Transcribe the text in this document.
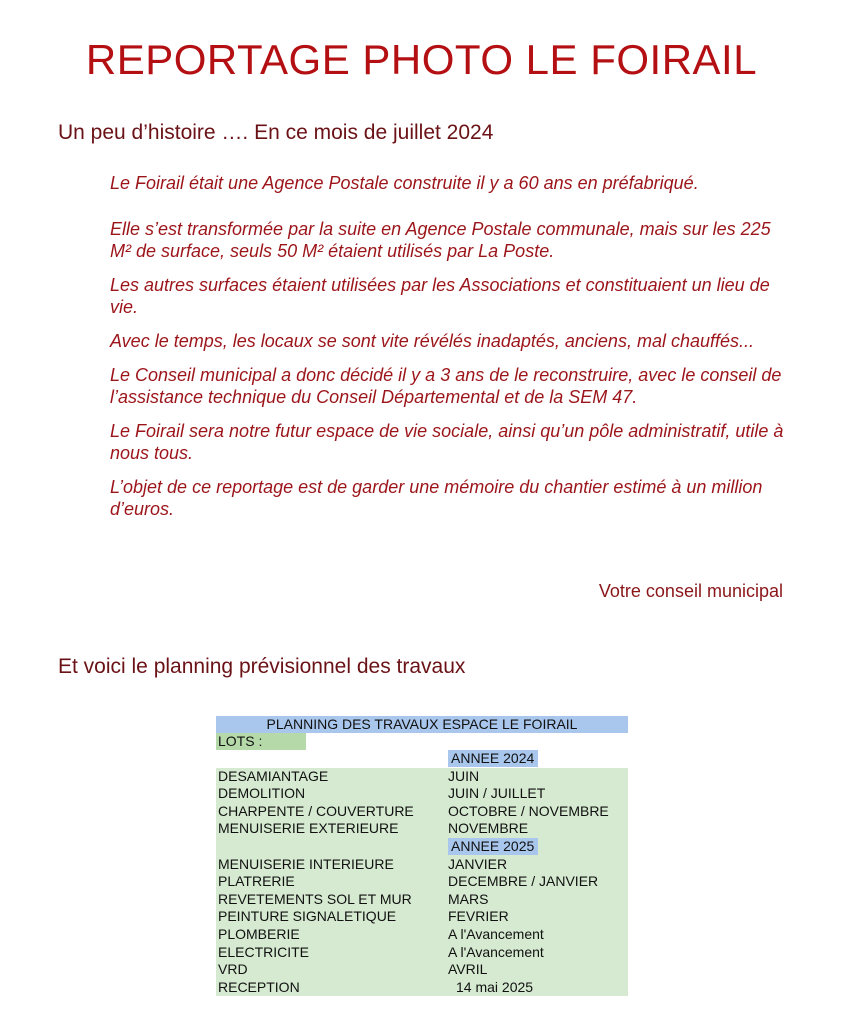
REPORTAGE PHOTO LE FOIRAIL
Un peu d’histoire …. En ce mois de juillet 2024

Le Foirail était une Agence Postale construite il y a 60 ans en préfabriqué.

Elle s’est transformée par la suite en Agence Postale communale, mais sur les 225 M² de surface, seuls 50 M² étaient utilisés par La Poste.

Les autres surfaces étaient utilisées par les Associations et constituaient un lieu de vie.

Avec le temps, les locaux se sont vite révélés inadaptés, anciens, mal chauffés...

Le Conseil municipal a donc décidé il y a 3 ans de le reconstruire, avec le conseil de l’assistance technique du Conseil Départemental et de la SEM 47.

Le Foirail sera notre futur espace de vie sociale, ainsi qu’un pôle administratif, utile à nous tous.

L’objet de ce reportage est de garder une mémoire du chantier estimé à un million d’euros.

Votre conseil municipal
Et voici le planning prévisionnel des travaux
PLANNING DES TRAVAUX ESPACE LE FOIRAIL
LOTS :
ANNEE 2024
DESAMIANTAGE	JUIN
DEMOLITION	JUIN / JUILLET
CHARPENTE / COUVERTURE	OCTOBRE / NOVEMBRE
MENUISERIE EXTERIEURE	NOVEMBRE
ANNEE 2025
MENUISERIE INTERIEURE	JANVIER
PLATRERIE	DECEMBRE / JANVIER
REVETEMENTS SOL ET MUR	MARS
PEINTURE SIGNALETIQUE	FEVRIER
PLOMBERIE	A l'Avancement
ELECTRICITE	A l'Avancement
VRD	AVRIL
RECEPTION	14 mai 2025
